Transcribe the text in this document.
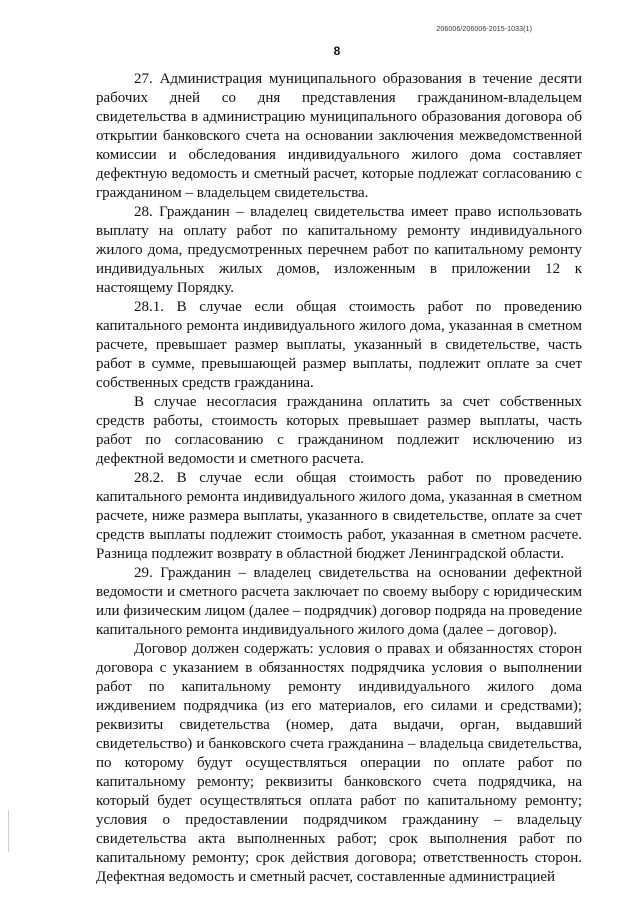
206006/206006-2015-1033(1)
8

27. Администрация муниципального образования в течение десяти рабочих дней со дня представления гражданином-владельцем свидетельства в администрацию муниципального образования договора об открытии банковского счета на основании заключения межведомственной комиссии и обследования индивидуального жилого дома составляет дефектную ведомость и сметный расчет, которые подлежат согласованию с гражданином – владельцем свидетельства.

28. Гражданин – владелец свидетельства имеет право использовать выплату на оплату работ по капитальному ремонту индивидуального жилого дома, предусмотренных перечнем работ по капитальному ремонту индивидуальных жилых домов, изложенным в приложении 12 к настоящему Порядку.

28.1. В случае если общая стоимость работ по проведению капитального ремонта индивидуального жилого дома, указанная в сметном расчете, превышает размер выплаты, указанный в свидетельстве, часть работ в сумме, превышающей размер выплаты, подлежит оплате за счет собственных средств гражданина.

В случае несогласия гражданина оплатить за счет собственных средств работы, стоимость которых превышает размер выплаты, часть работ по согласованию с гражданином подлежит исключению из дефектной ведомости и сметного расчета.

28.2. В случае если общая стоимость работ по проведению капитального ремонта индивидуального жилого дома, указанная в сметном расчете, ниже размера выплаты, указанного в свидетельстве, оплате за счет средств выплаты подлежит стоимость работ, указанная в сметном расчете. Разница подлежит возврату в областной бюджет Ленинградской области.

29. Гражданин – владелец свидетельства на основании дефектной ведомости и сметного расчета заключает по своему выбору с юридическим или физическим лицом (далее – подрядчик) договор подряда на проведение капитального ремонта индивидуального жилого дома (далее – договор).

Договор должен содержать: условия о правах и обязанностях сторон договора с указанием в обязанностях подрядчика условия о выполнении работ по капитальному ремонту индивидуального жилого дома иждивением подрядчика (из его материалов, его силами и средствами); реквизиты свидетельства (номер, дата выдачи, орган, выдавший свидетельство) и банковского счета гражданина – владельца свидетельства, по которому будут осуществляться операции по оплате работ по капитальному ремонту; реквизиты банковского счета подрядчика, на который будет осуществляться оплата работ по капитальному ремонту; условия о предоставлении подрядчиком гражданину – владельцу свидетельства акта выполненных работ; срок выполнения работ по капитальному ремонту; срок действия договора; ответственность сторон. Дефектная ведомость и сметный расчет, составленные администрацией
